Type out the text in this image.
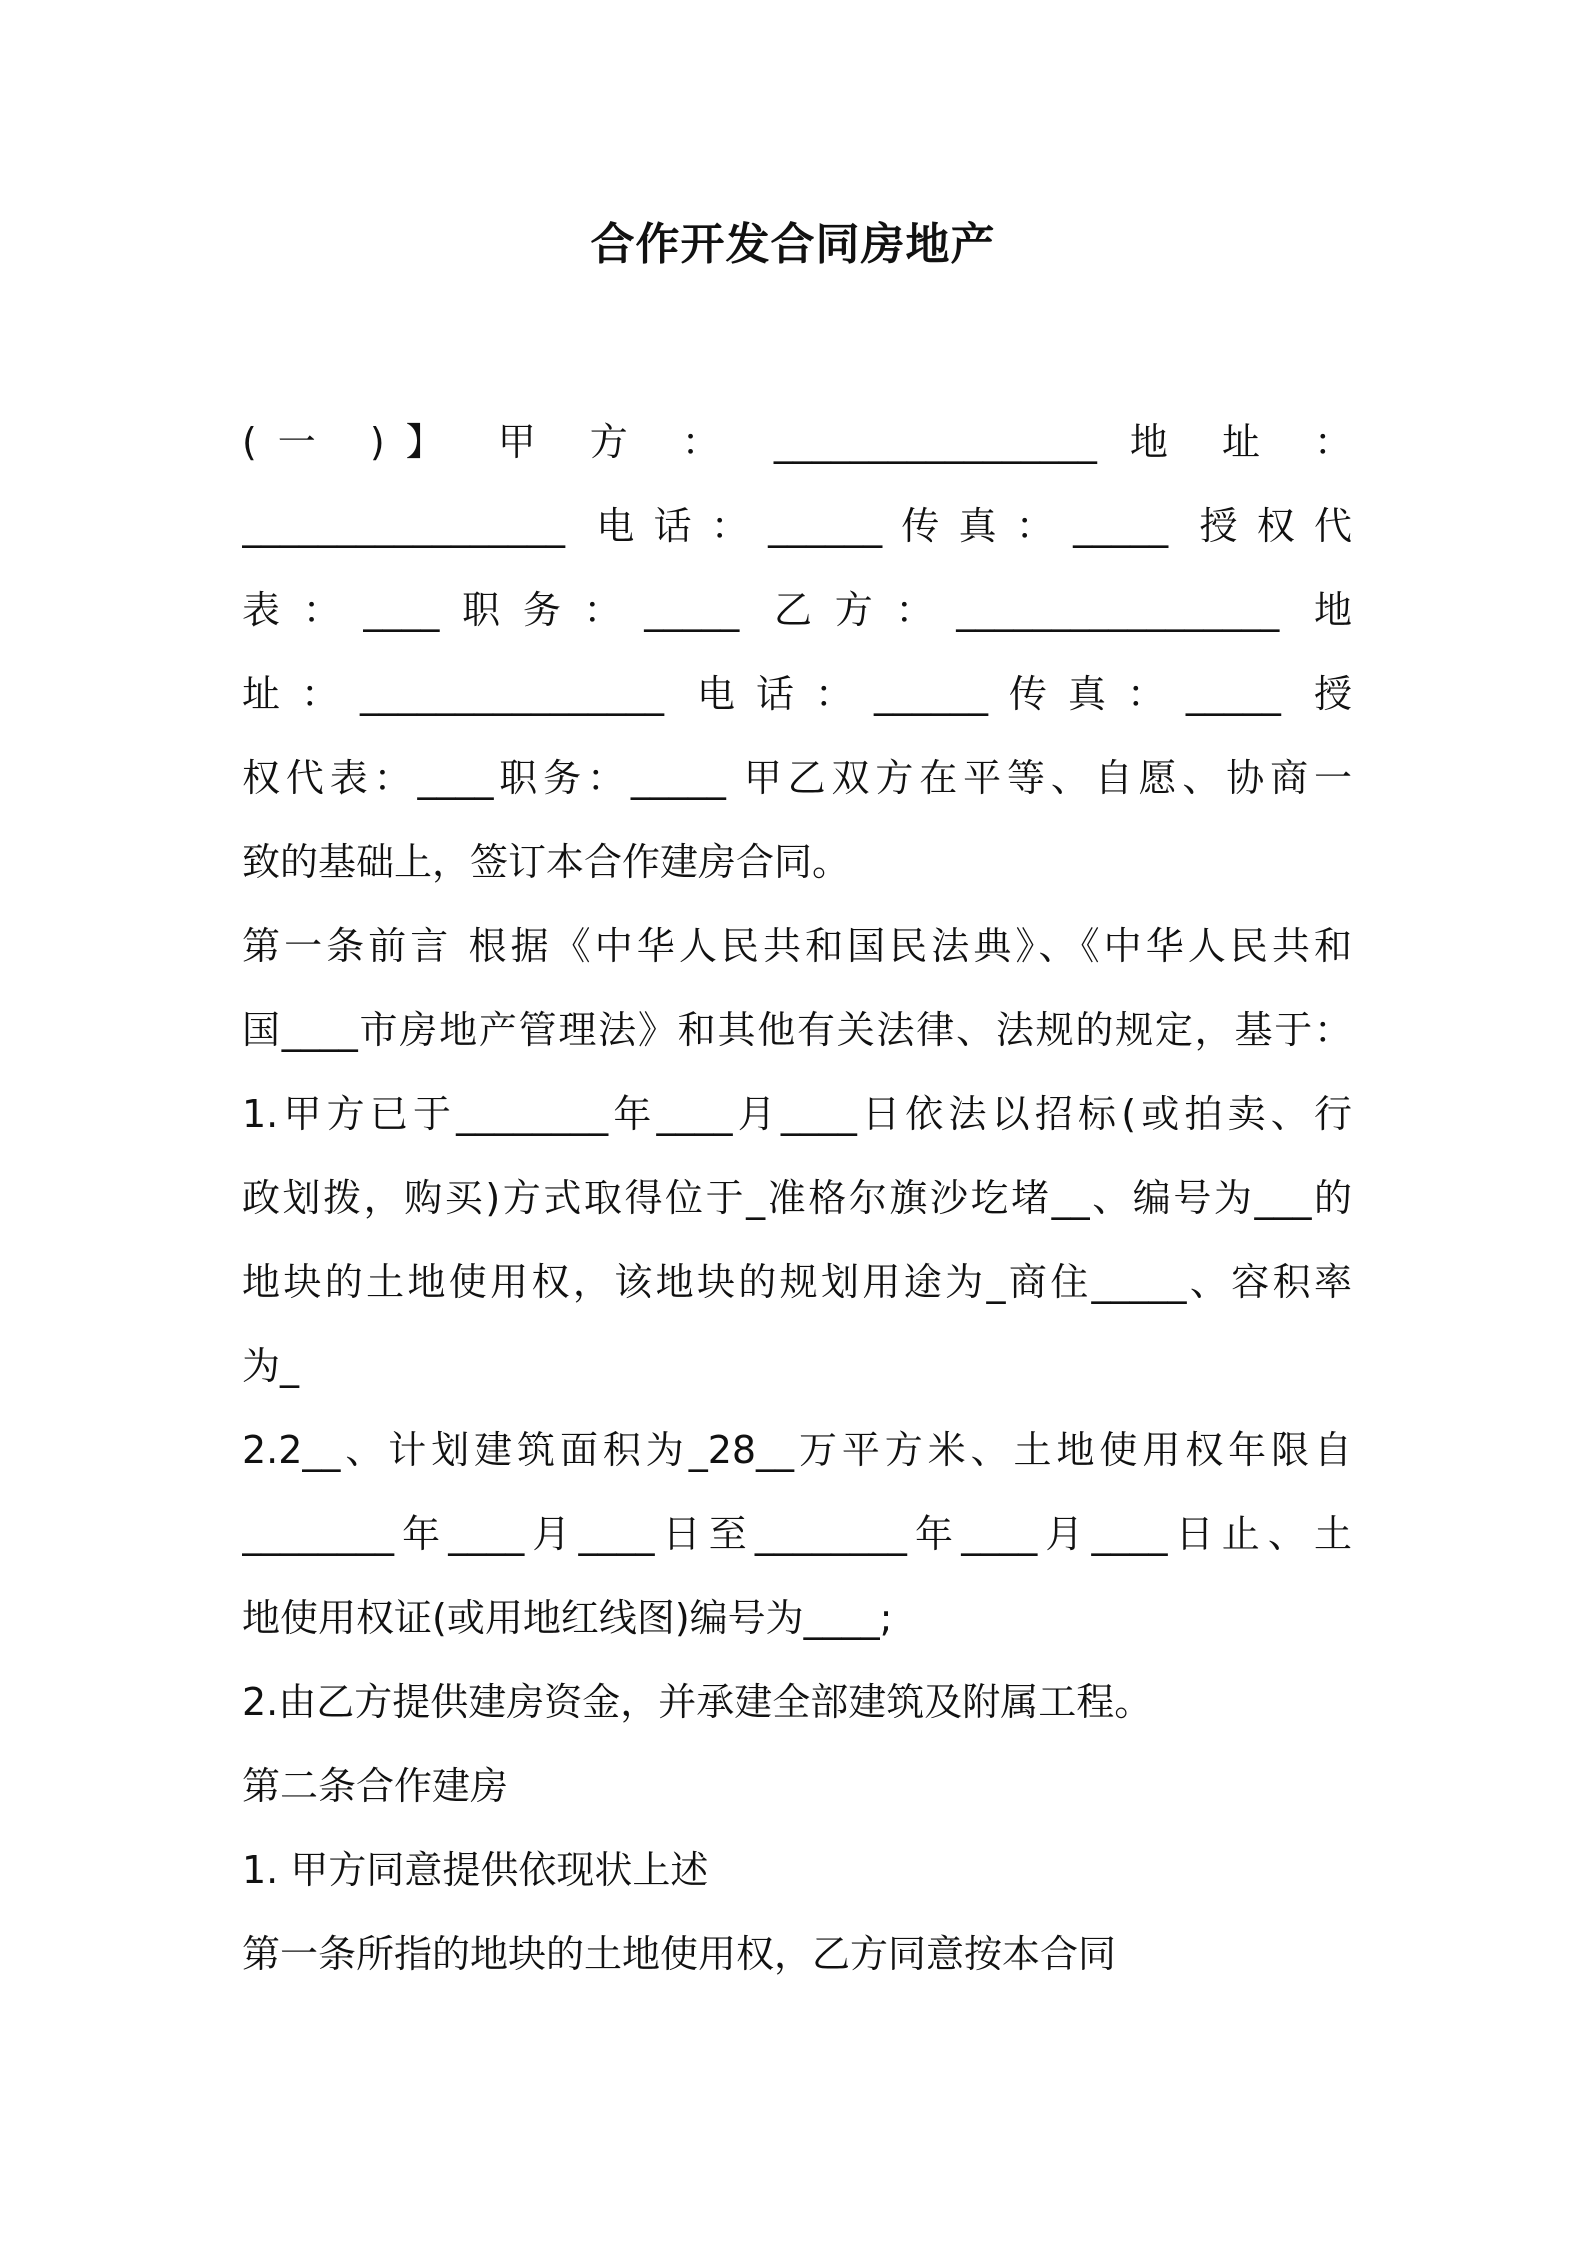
合作开发合同房地产
(一 )】 甲 方 ： _________________ 地 址 ：
_________________ 电话：______传真：_____ 授权代
表：____职务：_____ 乙方：_________________ 地
址：________________ 电话：______传真：_____ 授
权代表：____职务：_____ 甲乙双方在平等、自愿、协商一
致的基础上，签订本合作建房合同。
第一条前言 根据《中华人民共和国民法典》、《中华人民共和
国____市房地产管理法》和其他有关法律、法规的规定，基于：
1.甲方已于________年____月____日依法以招标(或拍卖、行
政划拨，购买)方式取得位于_准格尔旗沙圪堵__、编号为___的
地块的土地使用权，该地块的规划用途为_商住_____、容积率
为_
2.2__、计划建筑面积为_28__万平方米、土地使用权年限自
________年____月____日至________年____月____日止、土
地使用权证(或用地红线图)编号为____;
2.由乙方提供建房资金，并承建全部建筑及附属工程。
第二条合作建房
1. 甲方同意提供依现状上述
第一条所指的地块的土地使用权，乙方同意按本合同
